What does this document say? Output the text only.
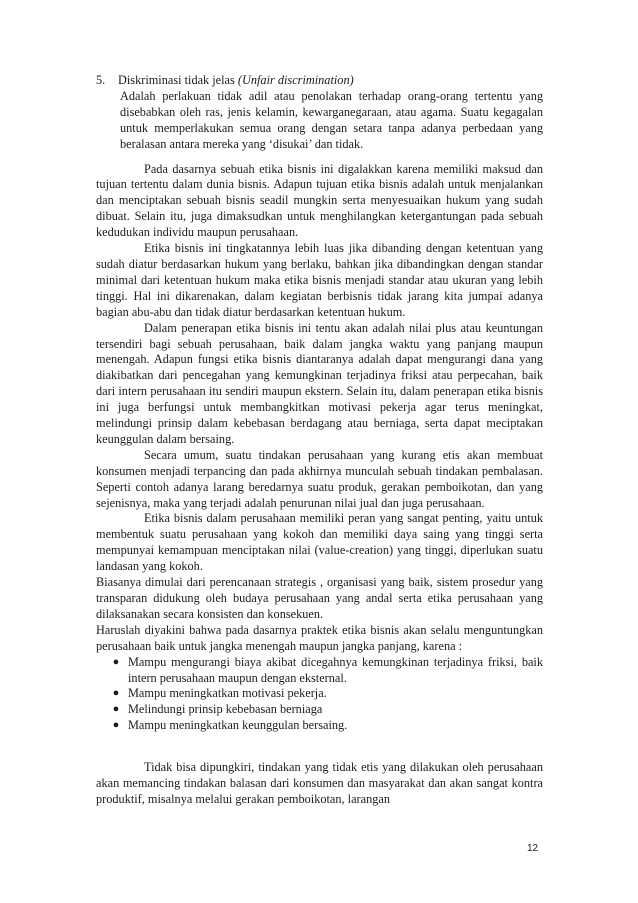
5.	Diskriminasi tidak jelas (Unfair discrimination)
Adalah perlakuan tidak adil atau penolakan terhadap orang-orang tertentu yang disebabkan oleh ras, jenis kelamin, kewarganegaraan, atau agama. Suatu kegagalan untuk memperlakukan semua orang dengan setara tanpa adanya perbedaan yang beralasan antara mereka yang ‘disukai’ dan tidak.

Pada dasarnya sebuah etika bisnis ini digalakkan karena memiliki maksud dan tujuan tertentu dalam dunia bisnis. Adapun tujuan etika bisnis adalah untuk menjalankan dan menciptakan sebuah bisnis seadil mungkin serta menyesuaikan hukum yang sudah dibuat. Selain itu, juga dimaksudkan untuk menghilangkan ketergantungan pada sebuah kedudukan individu maupun perusahaan.

Etika bisnis ini tingkatannya lebih luas jika dibanding dengan ketentuan yang sudah diatur berdasarkan hukum yang berlaku, bahkan jika dibandingkan dengan standar minimal dari ketentuan hukum maka etika bisnis menjadi standar atau ukuran yang lebih tinggi. Hal ini dikarenakan, dalam kegiatan berbisnis tidak jarang kita jumpai adanya bagian abu-abu dan tidak diatur berdasarkan ketentuan hukum.

Dalam penerapan etika bisnis ini tentu akan adalah nilai plus atau keuntungan tersendiri bagi sebuah perusahaan, baik dalam jangka waktu yang panjang maupun menengah. Adapun fungsi etika bisnis diantaranya adalah dapat mengurangi dana yang diakibatkan dari pencegahan yang kemungkinan terjadinya friksi atau perpecahan, baik dari intern perusahaan itu sendiri maupun ekstern. Selain itu, dalam penerapan etika bisnis ini juga berfungsi untuk membangkitkan motivasi pekerja agar terus meningkat, melindungi prinsip dalam kebebasan berdagang atau berniaga, serta dapat meciptakan keunggulan dalam bersaing.

Secara umum, suatu tindakan perusahaan yang kurang etis akan membuat konsumen menjadi terpancing dan pada akhirnya munculah sebuah tindakan pembalasan. Seperti contoh adanya larang beredarnya suatu produk, gerakan pemboikotan, dan yang sejenisnya, maka yang terjadi adalah penurunan nilai jual dan juga perusahaan.

Etika bisnis dalam perusahaan memiliki peran yang sangat penting, yaitu untuk membentuk suatu perusahaan yang kokoh dan memiliki daya saing yang tinggi serta mempunyai kemampuan menciptakan nilai (value-creation) yang tinggi, diperlukan suatu landasan yang kokoh.

Biasanya dimulai dari perencanaan strategis , organisasi yang baik, sistem prosedur yang transparan didukung oleh budaya perusahaan yang andal serta etika perusahaan yang dilaksanakan secara konsisten dan konsekuen.

Haruslah diyakini bahwa pada dasarnya praktek etika bisnis akan selalu menguntungkan perusahaan baik untuk jangka menengah maupun jangka panjang, karena :

● Mampu mengurangi biaya akibat dicegahnya kemungkinan terjadinya friksi, baik intern perusahaan maupun dengan eksternal.
● Mampu meningkatkan motivasi pekerja.
● Melindungi prinsip kebebasan berniaga
● Mampu meningkatkan keunggulan bersaing.

Tidak bisa dipungkiri, tindakan yang tidak etis yang dilakukan oleh perusahaan akan memancing tindakan balasan dari konsumen dan masyarakat dan akan sangat kontra produktif, misalnya melalui gerakan pemboikotan, larangan

12
